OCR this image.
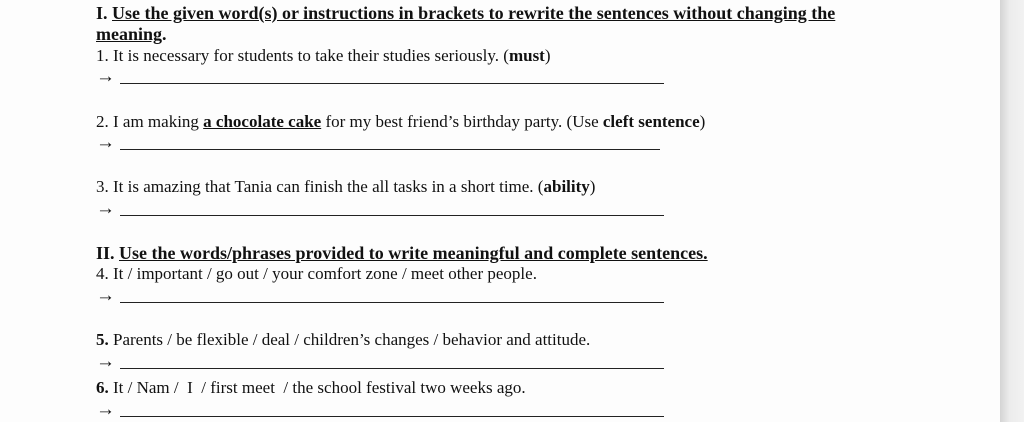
I. Use the given word(s) or instructions in brackets to rewrite the sentences without changing the
meaning.
1. It is necessary for students to take their studies seriously. (must)
→
2. I am making a chocolate cake for my best friend’s birthday party. (Use cleft sentence)
→
3. It is amazing that Tania can finish the all tasks in a short time. (ability)
→
II. Use the words/phrases provided to write meaningful and complete sentences.
4. It / important / go out / your comfort zone / meet other people.
→
5. Parents / be flexible / deal / children’s changes / behavior and attitude.
→
6. It / Nam /  I  / first meet  / the school festival two weeks ago.
→
